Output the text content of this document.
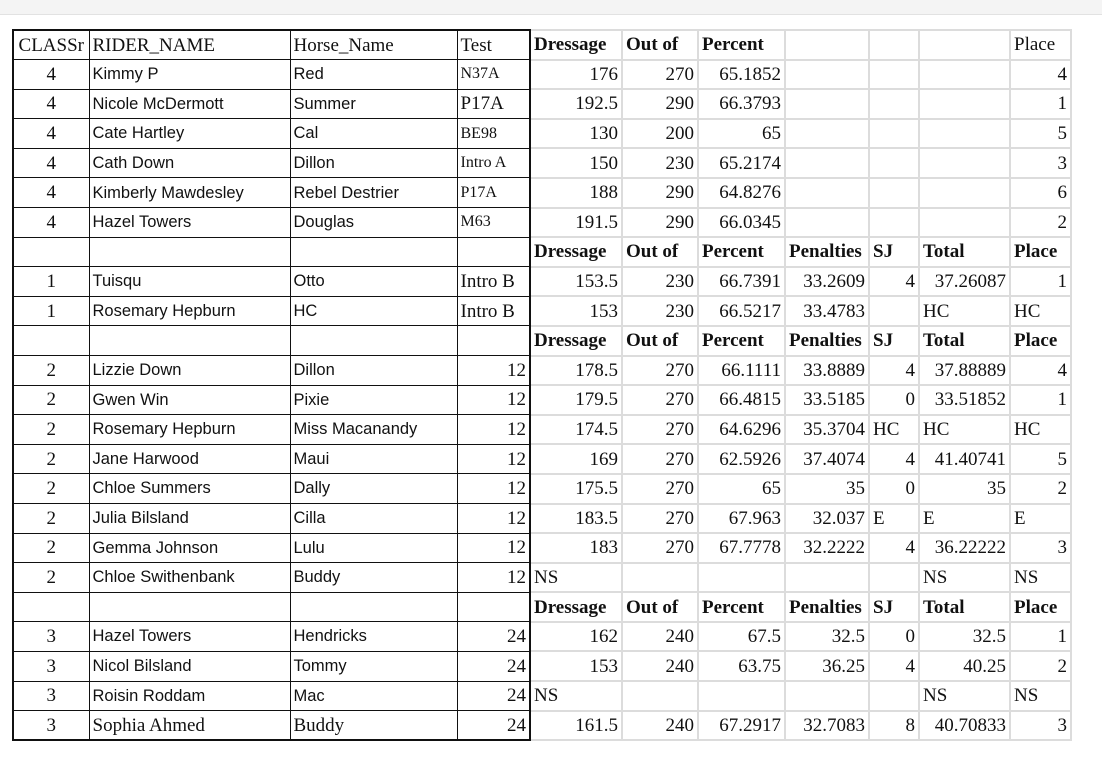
CLASSr	RIDER_NAME	Horse_Name	Test	Dressage	Out of	Percent				Place
4	Kimmy P	Red	N37A	176	270	65.1852				4
4	Nicole McDermott	Summer	P17A	192.5	290	66.3793				1
4	Cate Hartley	Cal	BE98	130	200	65				5
4	Cath Down	Dillon	Intro A	150	230	65.2174				3
4	Kimberly Mawdesley	Rebel Destrier	P17A	188	290	64.8276				6
4	Hazel Towers	Douglas	M63	191.5	290	66.0345				2
				Dressage	Out of	Percent	Penalties	SJ	Total	Place
1	Tuisqu	Otto	Intro B	153.5	230	66.7391	33.2609	4	37.26087	1
1	Rosemary Hepburn	HC	Intro B	153	230	66.5217	33.4783		HC	HC
				Dressage	Out of	Percent	Penalties	SJ	Total	Place
2	Lizzie Down	Dillon	12	178.5	270	66.1111	33.8889	4	37.88889	4
2	Gwen Win	Pixie	12	179.5	270	66.4815	33.5185	0	33.51852	1
2	Rosemary Hepburn	Miss Macanandy	12	174.5	270	64.6296	35.3704	HC	HC	HC
2	Jane Harwood	Maui	12	169	270	62.5926	37.4074	4	41.40741	5
2	Chloe Summers	Dally	12	175.5	270	65	35	0	35	2
2	Julia Bilsland	Cilla	12	183.5	270	67.963	32.037	E	E	E
2	Gemma Johnson	Lulu	12	183	270	67.7778	32.2222	4	36.22222	3
2	Chloe Swithenbank	Buddy	12	NS					NS	NS
				Dressage	Out of	Percent	Penalties	SJ	Total	Place
3	Hazel Towers	Hendricks	24	162	240	67.5	32.5	0	32.5	1
3	Nicol Bilsland	Tommy	24	153	240	63.75	36.25	4	40.25	2
3	Roisin Roddam	Mac	24	NS					NS	NS
3	Sophia Ahmed	Buddy	24	161.5	240	67.2917	32.7083	8	40.70833	3
